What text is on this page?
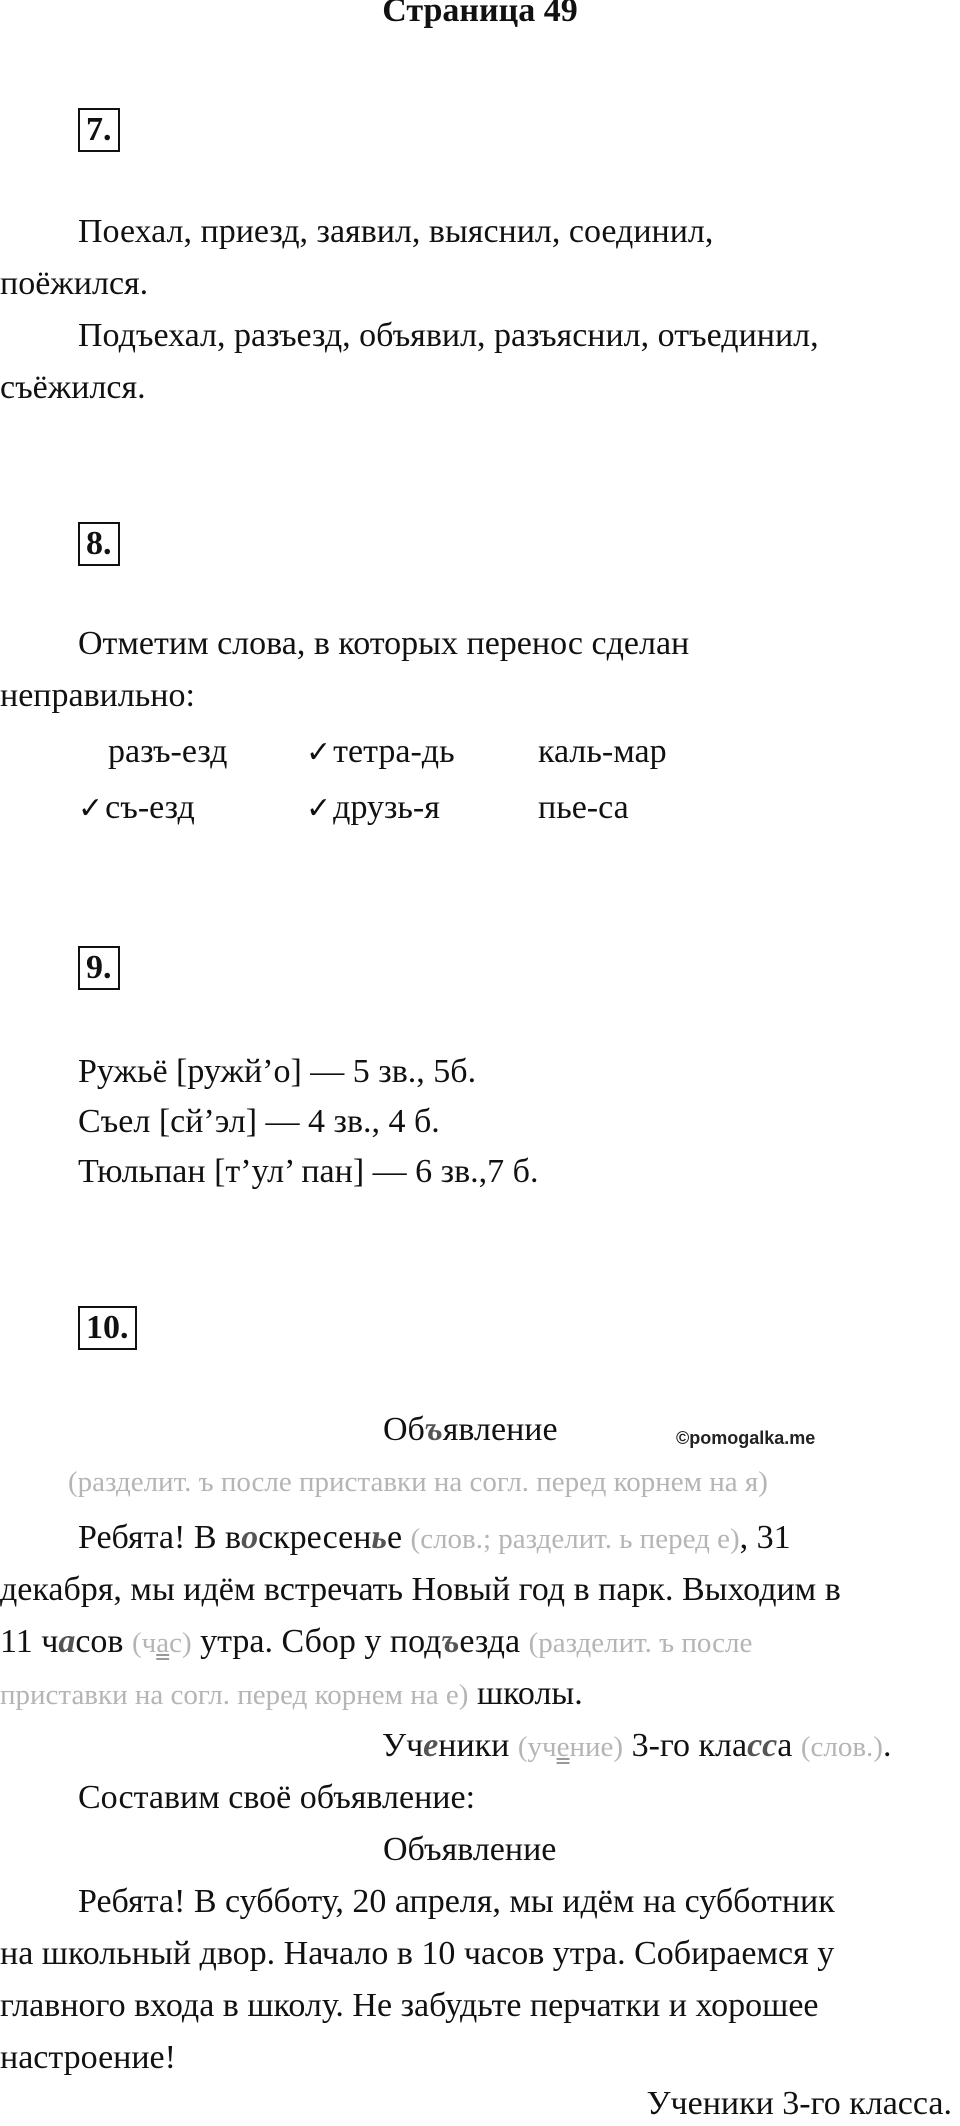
Страница 49
7.
Поехал, приезд, заявил, выяснил, соединил,
поёжился.
Подъехал, разъезд, объявил, разъяснил, отъединил,
съёжился.
8.
Отметим слова, в которых перенос сделан
неправильно:
разъ-езд	✓тетра-дь каль-мар
✓съ-езд	✓друзь-я	пье-са
9.
Ружьё [ружй’о] — 5 зв., 5б.
Съел [сй’эл] — 4 зв., 4 б.
Тюльпан [т’ул’ пан] — 6 зв.,7 б.
10.
Объявление	©pomogalka.me
(разделит. ъ после приставки на согл. перед корнем на я)
Ребята! В воскресенье (слов.; разделит. ь перед е), 31
декабря, мы идём встречать Новый год в парк. Выходим в
11 часов (час) утра. Сбор у подъезда (разделит. ъ после
приставки на согл. перед корнем на е) школы.
Ученики (учение) 3-го класса (слов.).
Составим своё объявление:
Объявление
Ребята! В субботу, 20 апреля, мы идём на субботник
на школьный двор. Начало в 10 часов утра. Собираемся у
главного входа в школу. Не забудьте перчатки и хорошее
настроение!
Ученики 3-го класса.
